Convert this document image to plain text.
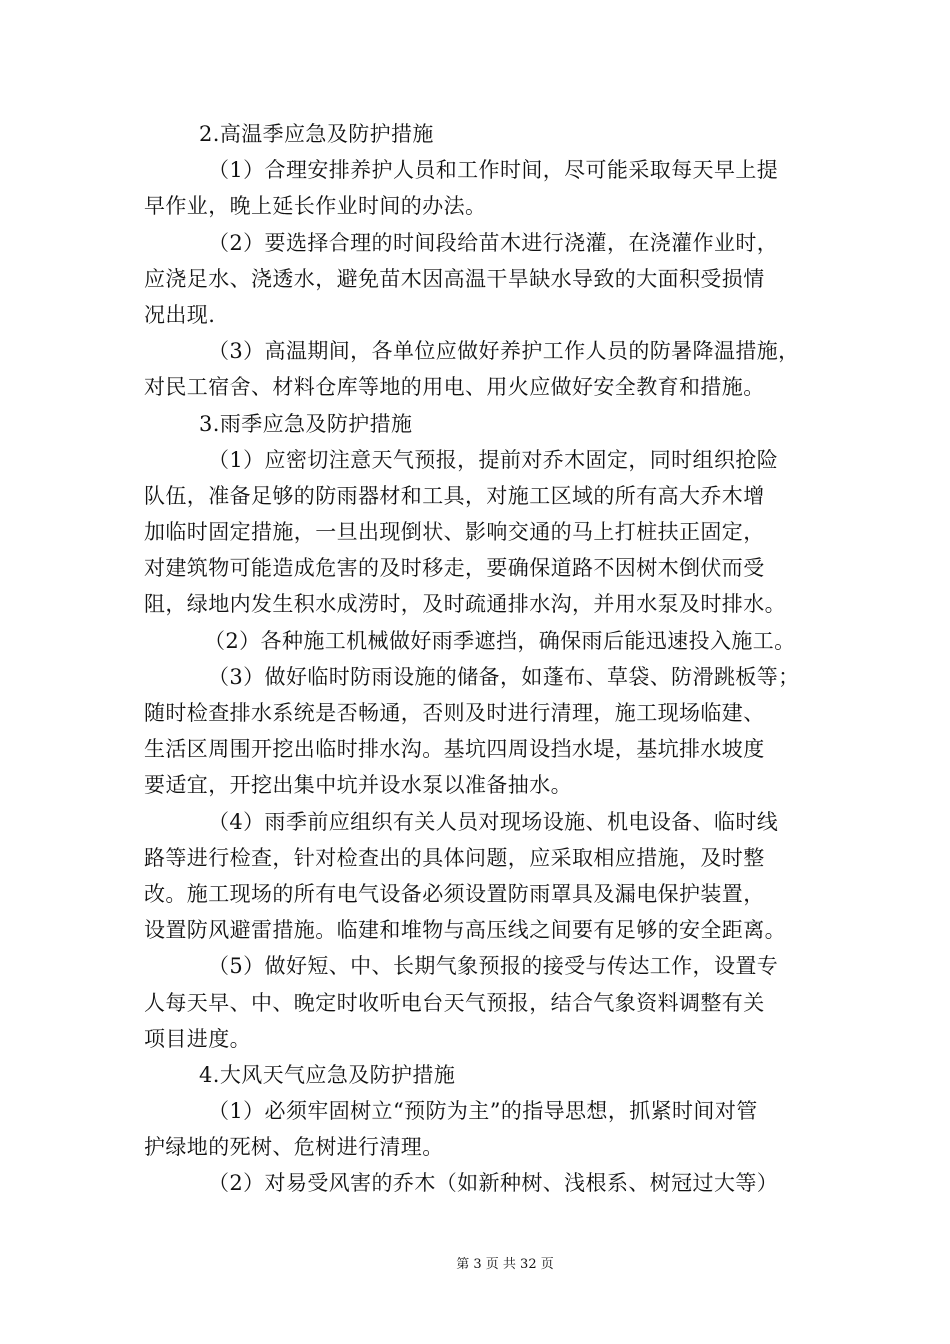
2.高温季应急及防护措施
（1）合理安排养护人员和工作时间，尽可能采取每天早上提
早作业，晚上延长作业时间的办法。
（2）要选择合理的时间段给苗木进行浇灌，在浇灌作业时，
应浇足水、浇透水，避免苗木因高温干旱缺水导致的大面积受损情
况出现.
（3）高温期间，各单位应做好养护工作人员的防暑降温措施，
对民工宿舍、材料仓库等地的用电、用火应做好安全教育和措施。
3.雨季应急及防护措施
（1）应密切注意天气预报，提前对乔木固定，同时组织抢险
队伍，准备足够的防雨器材和工具，对施工区域的所有高大乔木增
加临时固定措施，一旦出现倒状、影响交通的马上打桩扶正固定，
对建筑物可能造成危害的及时移走，要确保道路不因树木倒伏而受
阻，绿地内发生积水成涝时，及时疏通排水沟，并用水泵及时排水。
（2）各种施工机械做好雨季遮挡，确保雨后能迅速投入施工。
（3）做好临时防雨设施的储备，如蓬布、草袋、防滑跳板等；
随时检查排水系统是否畅通，否则及时进行清理，施工现场临建、
生活区周围开挖出临时排水沟。基坑四周设挡水堤，基坑排水坡度
要适宜，开挖出集中坑并设水泵以准备抽水。
（4）雨季前应组织有关人员对现场设施、机电设备、临时线
路等进行检查，针对检查出的具体问题，应采取相应措施，及时整
改。施工现场的所有电气设备必须设置防雨罩具及漏电保护装置，
设置防风避雷措施。临建和堆物与高压线之间要有足够的安全距离。
（5）做好短、中、长期气象预报的接受与传达工作，设置专
人每天早、中、晚定时收听电台天气预报，结合气象资料调整有关
项目进度。
4.大风天气应急及防护措施
（1）必须牢固树立“预防为主”的指导思想，抓紧时间对管
护绿地的死树、危树进行清理。
（2）对易受风害的乔木（如新种树、浅根系、树冠过大等）
第 3 页 共 32 页
